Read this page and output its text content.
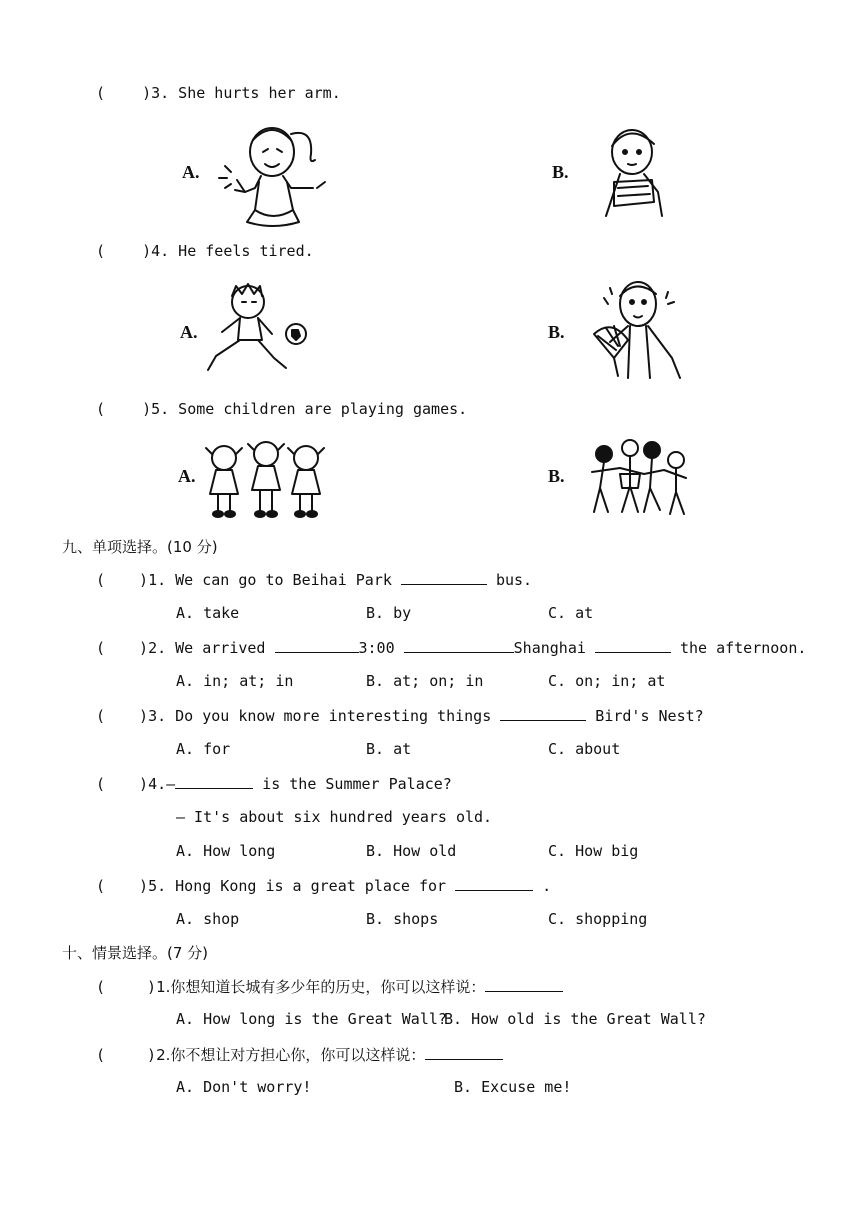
( )3. She hurts her arm.
A.	B.
( )4. He feels tired.
A.	B.
( )5. Some children are playing games.
A.	B.
九、单项选择。(10 分)
( )1. We can go to Beihai Park	bus.
A. take	B. by	C. at
( )2. We arrived	3:00	Shanghai	the afternoon.
A. in; at; in	B. at; on; in	C. on; in; at
( )3. Do you know more interesting things	Bird's Nest?
A. for	B. at	C. about
( )4.—	is the Summer Palace?
— It's about six hundred years old.
A. How long	B. How old	C. How big
( )5. Hong Kong is a great place for	.
A. shop	B. shops	C. shopping
十、情景选择。(7 分)
(	)1.你想知道长城有多少年的历史，你可以这样说：
A. How long is the Great Wall?
B. How old is the Great Wall?
(	)2.你不想让对方担心你，你可以这样说：
A. Don't worry!	B. Excuse me!
